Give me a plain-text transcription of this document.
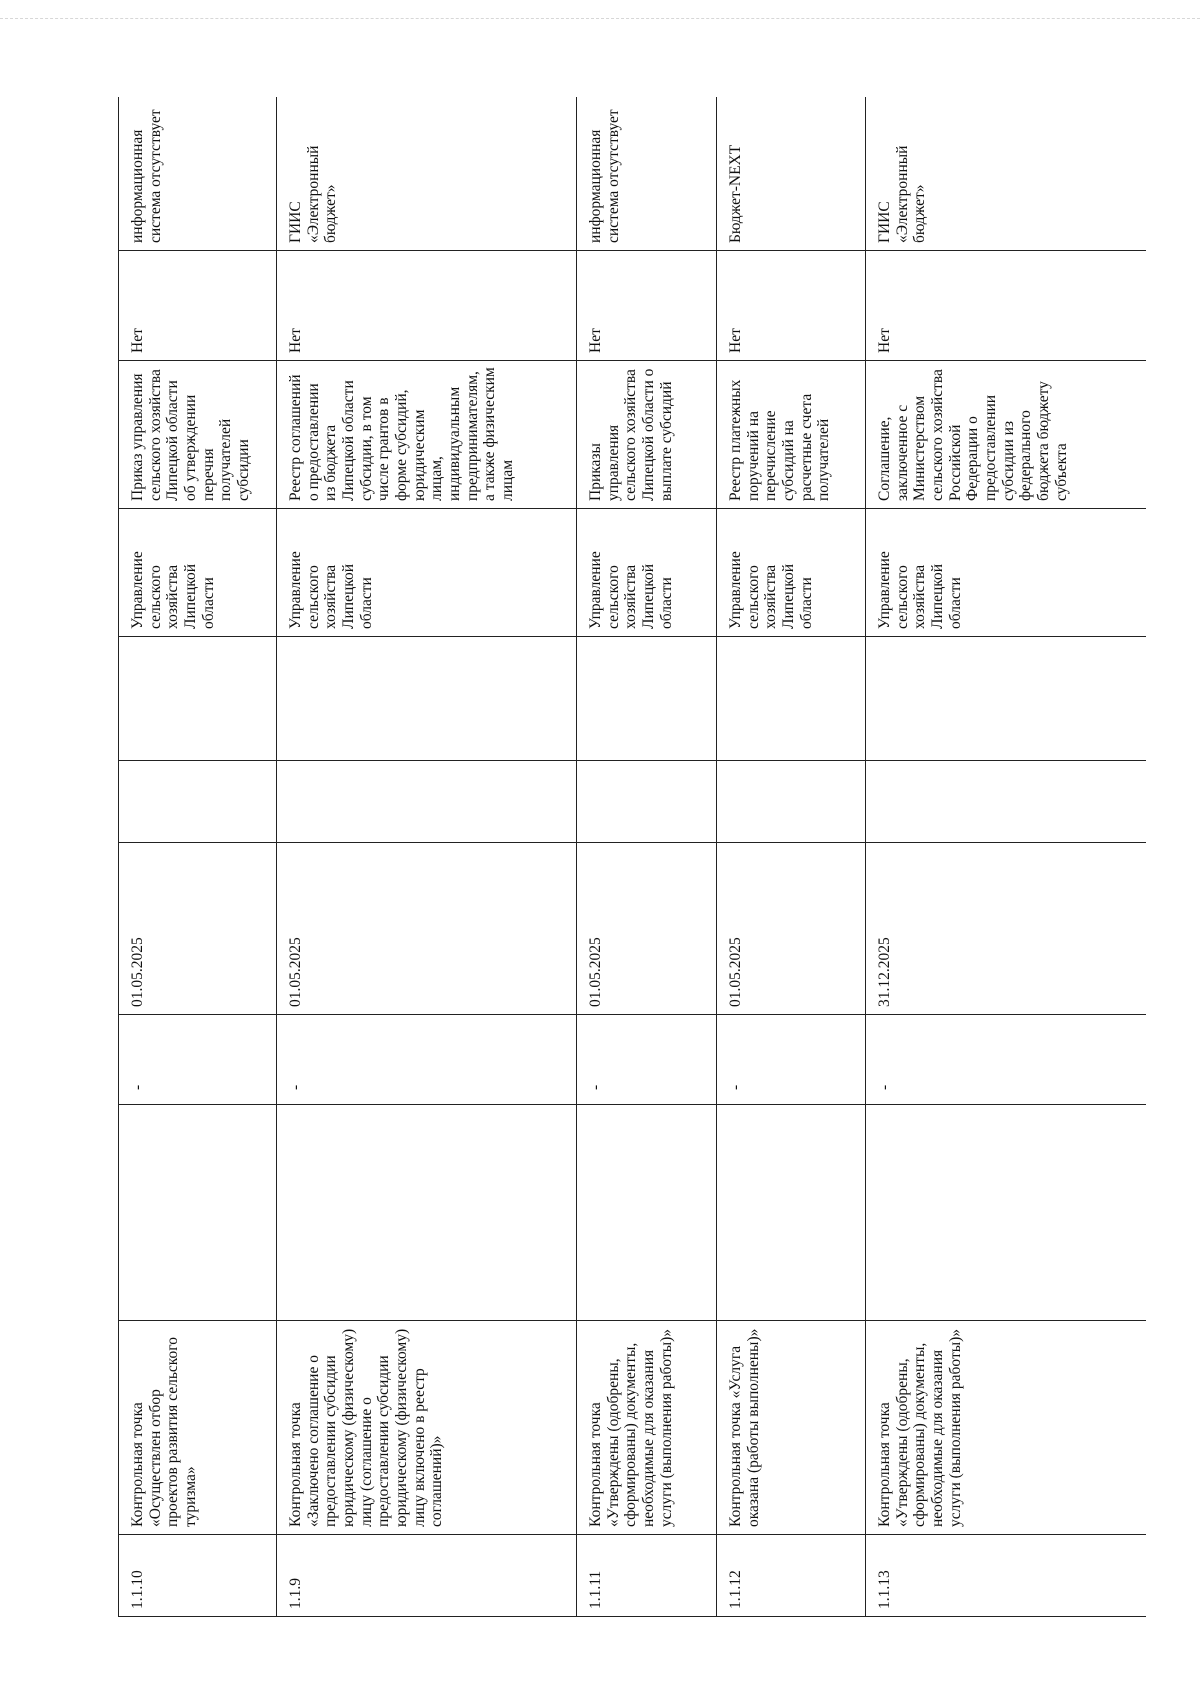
1.1.10	Контрольная точка «Осуществлен отбор проектов развития сельского туризма»		-	01.05.2025			Управление сельского хозяйства Липецкой области	Приказ управления сельского хозяйства Липецкой области об утверждении перечня получателей субсидии	Нет	информационная система отсутствует
1.1.9	Контрольная точка «Заключено соглашение о предоставлении субсидии юридическому (физическому) лицу (соглашение о предоставлении субсидии юридическому (физическому) лицу включено в реестр соглашений)»		-	01.05.2025			Управление сельского хозяйства Липецкой области	Реестр соглашений о предоставлении из бюджета Липецкой области субсидии, в том числе грантов в форме субсидий, юридическим лицам, индивидуальным предпринимателям, а также физическим лицам	Нет	ГИИС «Электронный бюджет»
1.1.11	Контрольная точка «Утверждены (одобрены, сформированы) документы, необходимые для оказания услуги (выполнения работы)»		-	01.05.2025			Управление сельского хозяйства Липецкой области	Приказы управления сельского хозяйства Липецкой области о выплате субсидий	Нет	информационная система отсутствует
1.1.12	Контрольная точка «Услуга оказана (работы выполнены)»		-	01.05.2025			Управление сельского хозяйства Липецкой области	Реестр платежных поручений на перечисление субсидий на расчетные счета получателей	Нет	Бюджет-NEXT
1.1.13	Контрольная точка «Утверждены (одобрены, сформированы) документы, необходимые для оказания услуги (выполнения работы)»		-	31.12.2025			Управление сельского хозяйства Липецкой области	Соглашение, заключенное с Министерством сельского хозяйства Российской Федерации о предоставлении субсидии из федерального бюджета бюджету субъекта	Нет	ГИИС «Электронный бюджет»
